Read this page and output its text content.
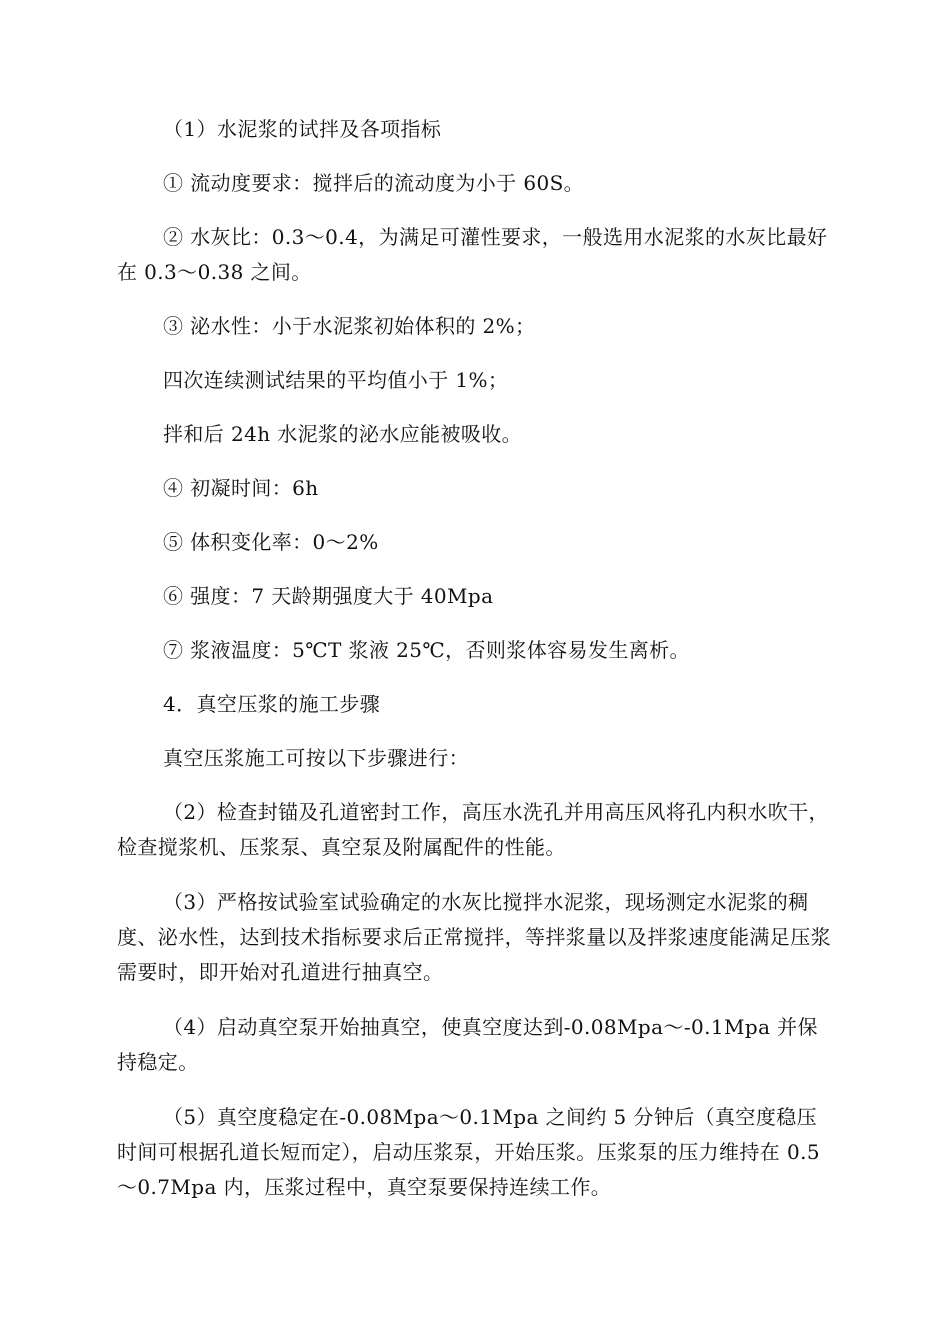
（1）水泥浆的试拌及各项指标

① 流动度要求：搅拌后的流动度为小于 60S。

② 水灰比：0.3～0.4，为满足可灌性要求，一般选用水泥浆的水灰比最好在 0.3～0.38 之间。

③ 泌水性：小于水泥浆初始体积的 2%；

四次连续测试结果的平均值小于 1%；

拌和后 24h 水泥浆的泌水应能被吸收。

④ 初凝时间：6h

⑤ 体积变化率：0～2%

⑥ 强度：7 天龄期强度大于 40Mpa

⑦ 浆液温度：5℃T 浆液 25℃，否则浆体容易发生离析。

4．真空压浆的施工步骤

真空压浆施工可按以下步骤进行：

（2）检查封锚及孔道密封工作，高压水洗孔并用高压风将孔内积水吹干，检查搅浆机、压浆泵、真空泵及附属配件的性能。

（3）严格按试验室试验确定的水灰比搅拌水泥浆，现场测定水泥浆的稠度、泌水性，达到技术指标要求后正常搅拌，等拌浆量以及拌浆速度能满足压浆需要时，即开始对孔道进行抽真空。

（4）启动真空泵开始抽真空，使真空度达到-0.08Mpa～-0.1Mpa 并保持稳定。

（5）真空度稳定在-0.08Mpa～0.1Mpa 之间约 5 分钟后（真空度稳压时间可根据孔道长短而定），启动压浆泵，开始压浆。压浆泵的压力维持在 0.5～0.7Mpa 内，压浆过程中，真空泵要保持连续工作。
